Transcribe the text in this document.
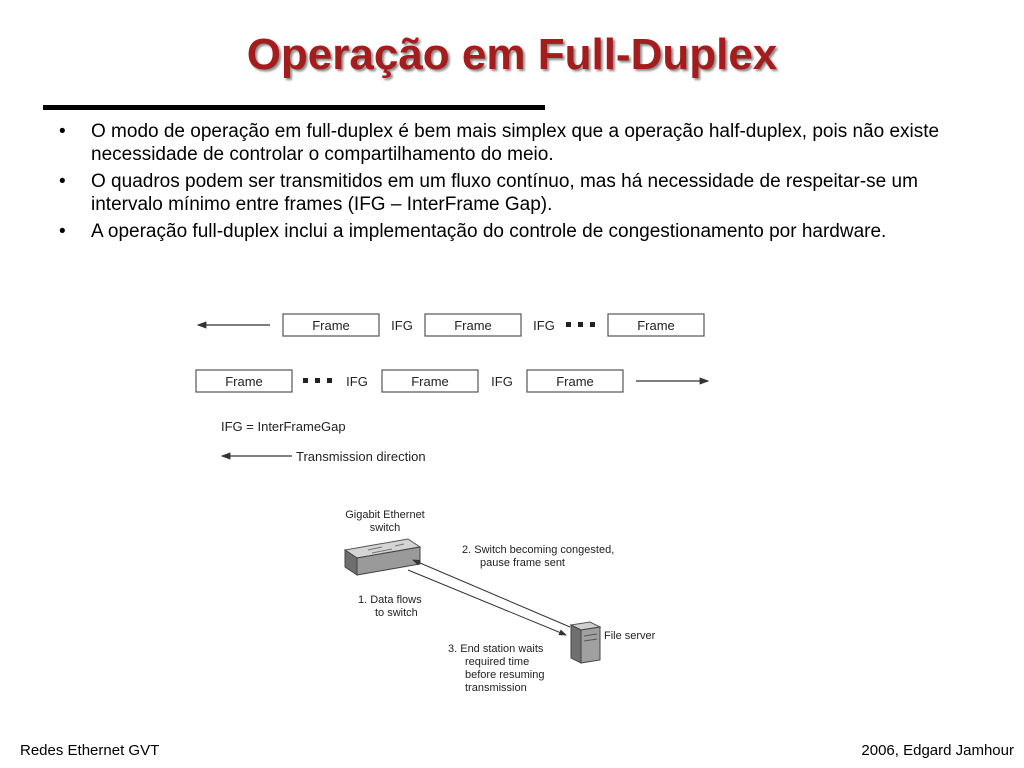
Operação em Full-Duplex
• O modo de operação em full-duplex é bem mais simplex que a operação half-duplex, pois não existe necessidade de controlar o compartilhamento do meio.
• O quadros podem ser transmitidos em um fluxo contínuo, mas há necessidade de respeitar-se um intervalo mínimo entre frames (IFG – InterFrame Gap).
• A operação full-duplex inclui a implementação do controle de congestionamento por hardware.
Frame	IFG	Frame	IFG	Frame
Frame	IFG	Frame	IFG	Frame
IFG = InterFrameGap
Transmission direction
Gigabit Ethernet
switch
2. Switch becoming congested,
pause frame sent
1. Data flows
to switch
File server
3. End station waits
required time
before resuming
transmission
Redes Ethernet GVT	2006, Edgard Jamhour
